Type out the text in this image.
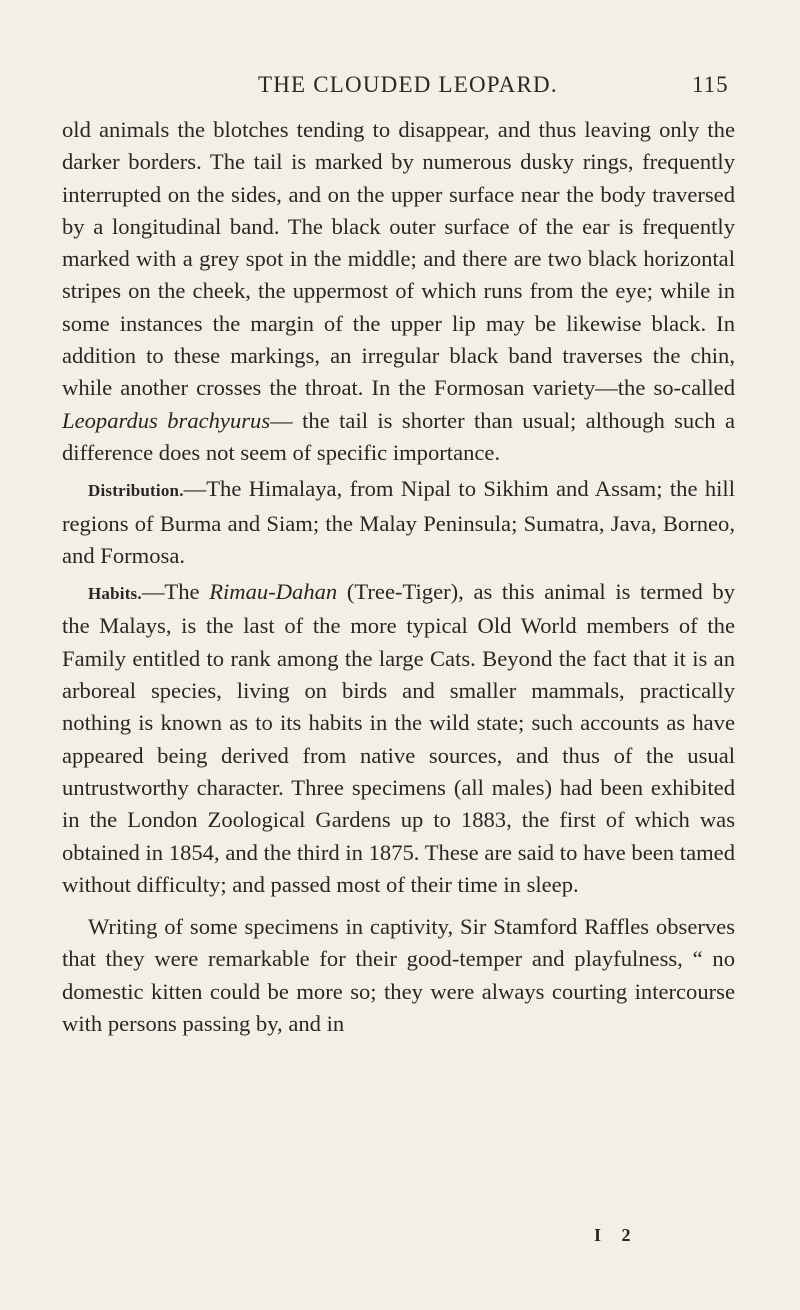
THE CLOUDED LEOPARD.	115

old animals the blotches tending to disappear, and thus leaving only the darker borders. The tail is marked by numerous dusky rings, frequently interrupted on the sides, and on the upper surface near the body traversed by a longitudinal band. The black outer surface of the ear is frequently marked with a grey spot in the middle; and there are two black horizontal stripes on the cheek, the uppermost of which runs from the eye; while in some instances the margin of the upper lip may be likewise black. In addition to these markings, an irregular black band traverses the chin, while another crosses the throat. In the Formosan variety—the so-called Leopardus brachyurus— the tail is shorter than usual; although such a difference does not seem of specific importance.

Distribution.—The Himalaya, from Nipal to Sikhim and Assam; the hill regions of Burma and Siam; the Malay Peninsula; Sumatra, Java, Borneo, and Formosa.

Habits.—The Rimau-Dahan (Tree-Tiger), as this animal is termed by the Malays, is the last of the more typical Old World members of the Family entitled to rank among the large Cats. Beyond the fact that it is an arboreal species, living on birds and smaller mammals, practically nothing is known as to its habits in the wild state; such accounts as have appeared being derived from native sources, and thus of the usual untrustworthy character. Three specimens (all males) had been exhibited in the London Zoological Gardens up to 1883, the first of which was obtained in 1854, and the third in 1875. These are said to have been tamed without difficulty; and passed most of their time in sleep.

Writing of some specimens in captivity, Sir Stamford Raffles observes that they were remarkable for their good-temper and playfulness, “ no domestic kitten could be more so; they were always courting intercourse with persons passing by, and in

I 2
